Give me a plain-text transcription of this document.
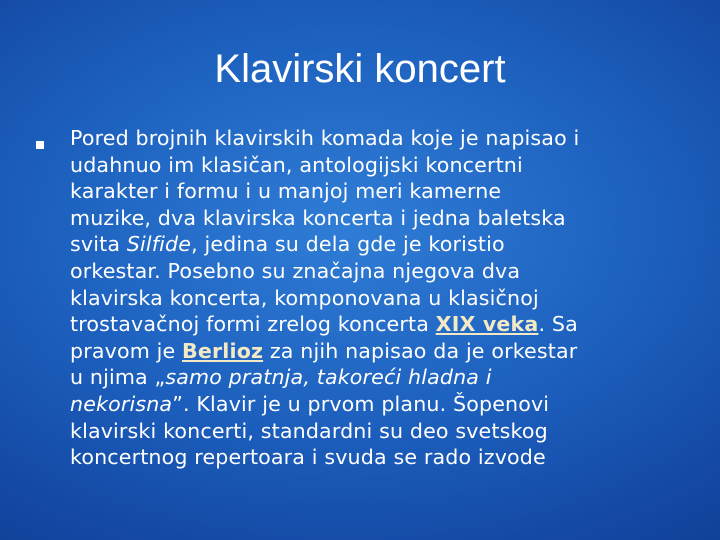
Klavirski koncert
Pored brojnih klavirskih komada koje je napisao i
udahnuo im klasičan, antologijski koncertni
karakter i formu i u manjoj meri kamerne
muzike, dva klavirska koncerta i jedna baletska
svita Silfide, jedina su dela gde je koristio
orkestar. Posebno su značajna njegova dva
klavirska koncerta, komponovana u klasičnoj
trostavačnoj formi zrelog koncerta XIX veka. Sa
pravom je Berlioz za njih napisao da je orkestar
u njima „samo pratnja, takoreći hladna i
nekorisna”. Klavir je u prvom planu. Šopenovi
klavirski koncerti, standardni su deo svetskog
koncertnog repertoara i svuda se rado izvode
